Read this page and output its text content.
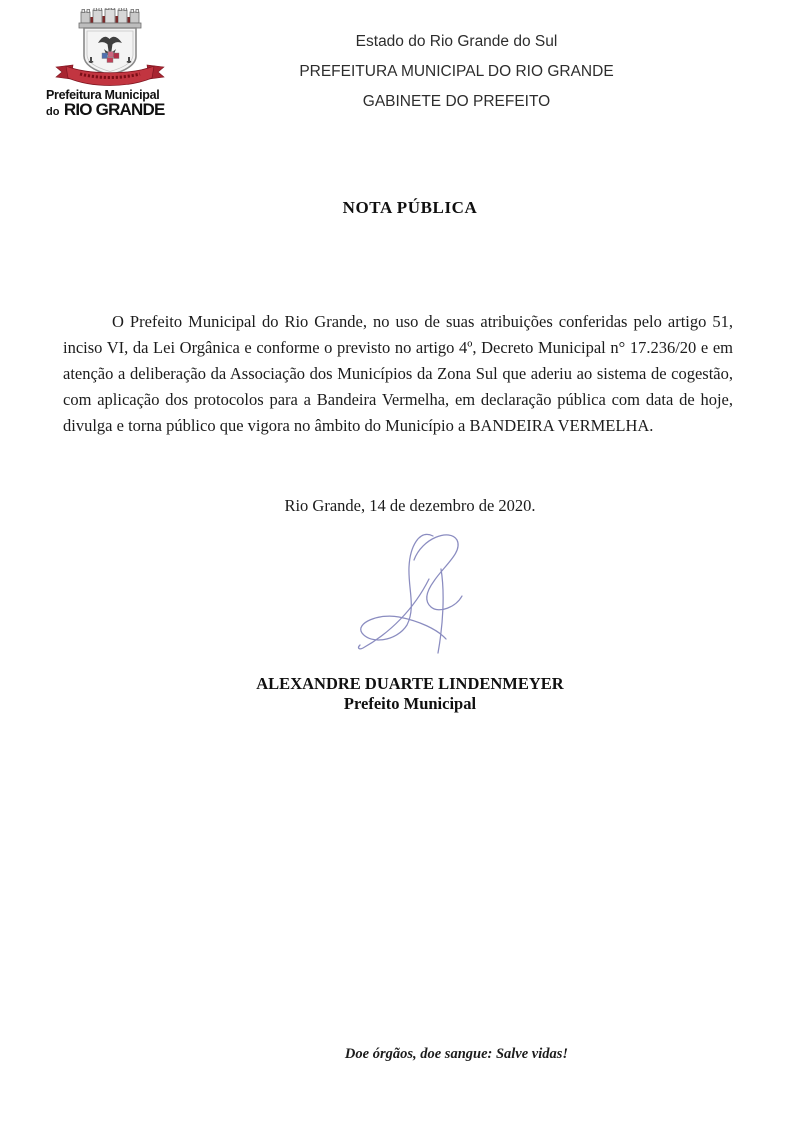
Prefeitura Municipal
do RIO GRANDE
Estado do Rio Grande do Sul
PREFEITURA MUNICIPAL DO RIO GRANDE
GABINETE DO PREFEITO
NOTA PÚBLICA

O Prefeito Municipal do Rio Grande, no uso de suas atribuições conferidas pelo artigo 51, inciso VI, da Lei Orgânica e conforme o previsto no artigo 4º, Decreto Municipal n° 17.236/20 e em atenção a deliberação da Associação dos Municípios da Zona Sul que aderiu ao sistema de cogestão, com aplicação dos protocolos para a Bandeira Vermelha, em declaração pública com data de hoje, divulga e torna público que vigora no âmbito do Município a BANDEIRA VERMELHA.

Rio Grande, 14 de dezembro de 2020.
ALEXANDRE DUARTE LINDENMEYER
Prefeito Municipal
Doe órgãos, doe sangue: Salve vidas!
